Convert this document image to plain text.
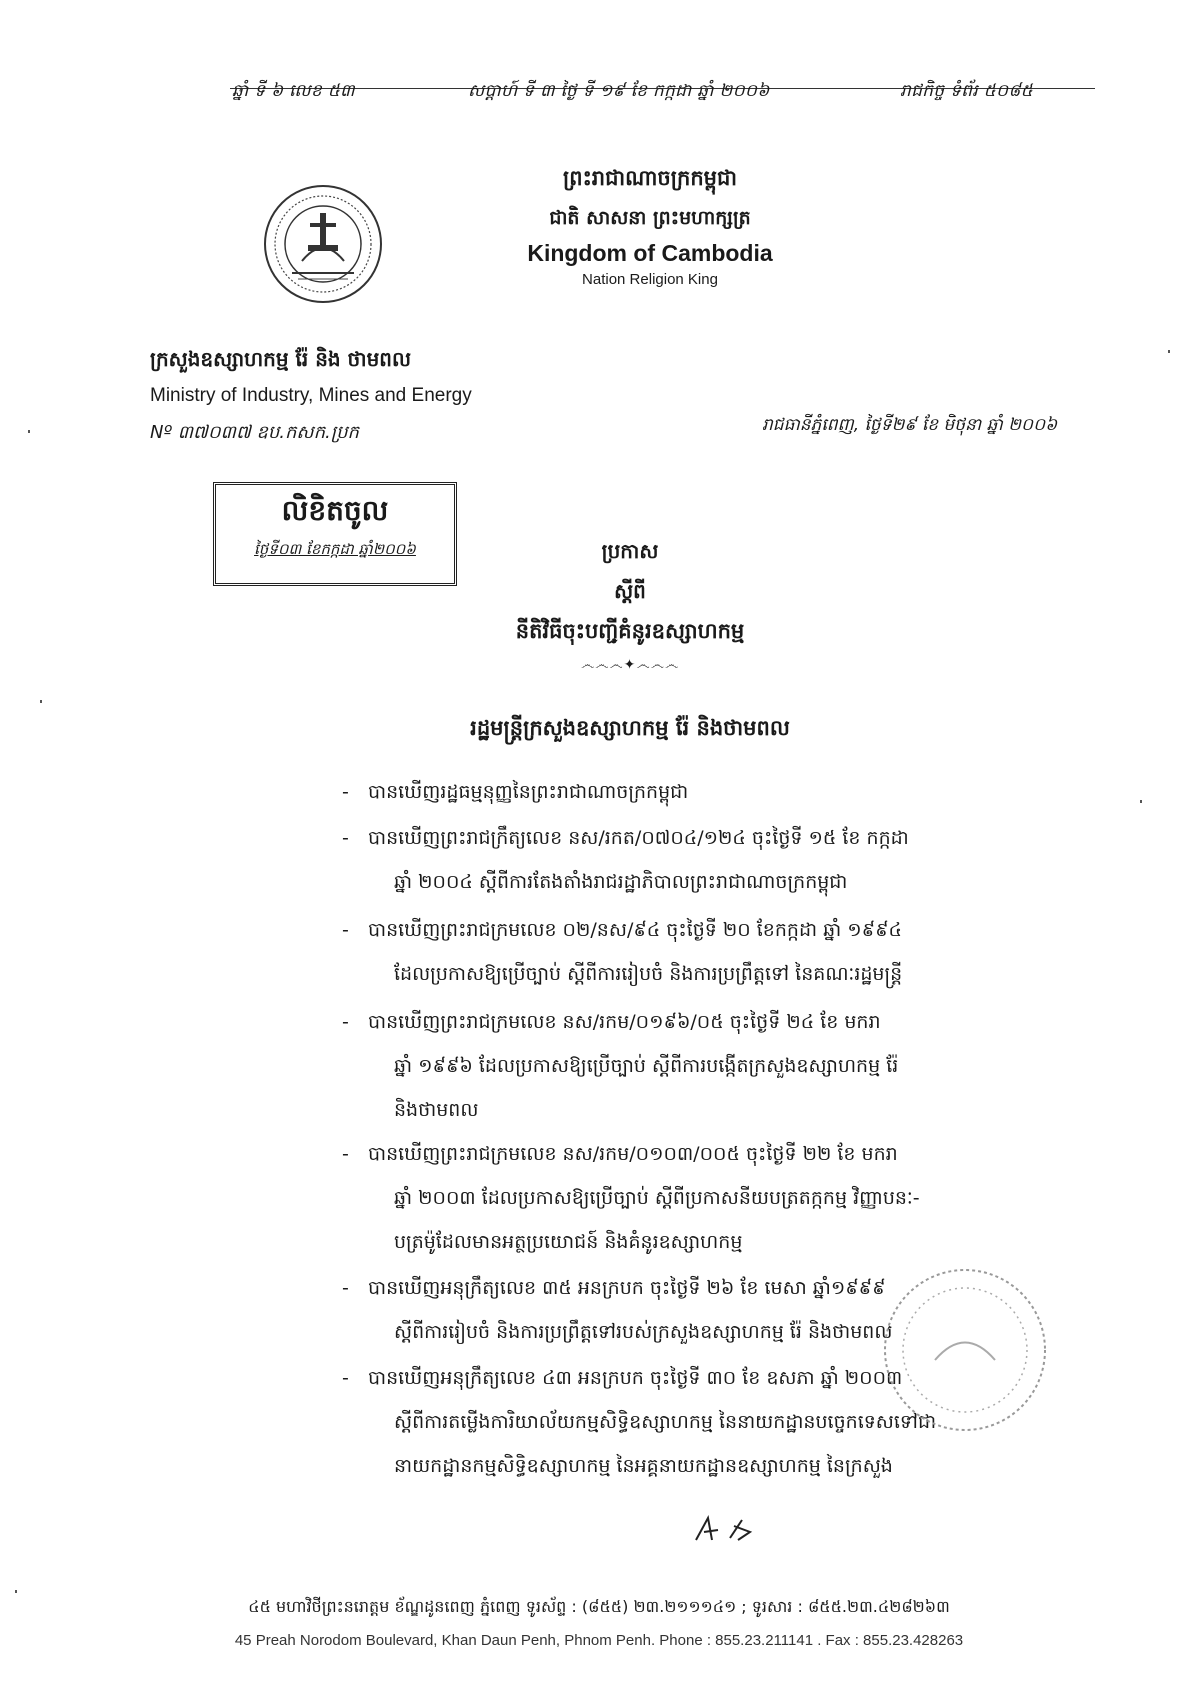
ឆ្នាំ ទី ៦ លេខ ៥៣	សប្តាហ៍ ទី ៣ ថ្ងៃ ទី ១៩ ខែ កក្កដា ឆ្នាំ ២០០៦	រាជកិច្ច ទំព័រ ៥០៨៥
ព្រះរាជាណាចក្រកម្ពុជា
ជាតិ សាសនា ព្រះមហាក្សត្រ
Kingdom of Cambodia
Nation Religion King
ក្រសួងឧស្សាហកម្ម រ៉ែ និង ថាមពល
Ministry of Industry, Mines and Energy
Nº ៣៧០៣៧ ឧប.កសក.ប្រក	រាជធានីភ្នំពេញ, ថ្ងៃទី២៩ ខែ មិថុនា ឆ្នាំ ២០០៦
លិខិតចូល
ថ្ងៃទី០៣ ខែកក្កដា ឆ្នាំ២០០៦	ប្រកាស
ស្តីពី
នីតិវិធីចុះបញ្ជីគំនូរឧស្សាហកម្ម
෴෴෴✦෴෴෴
រដ្ឋមន្ត្រីក្រសួងឧស្សាហកម្ម រ៉ែ និងថាមពល
- បានឃើញរដ្ឋធម្មនុញ្ញនៃព្រះរាជាណាចក្រកម្ពុជា
- បានឃើញព្រះរាជក្រឹត្យលេខ នស/រកត/០៧០៤/១២៤ ចុះថ្ងៃទី ១៥ ខែ កក្កដា
ឆ្នាំ ២០០៤ ស្តីពីការតែងតាំងរាជរដ្ឋាភិបាលព្រះរាជាណាចក្រកម្ពុជា
- បានឃើញព្រះរាជក្រមលេខ ០២/នស/៩៤ ចុះថ្ងៃទី ២០ ខែកក្កដា ឆ្នាំ ១៩៩៤
ដែលប្រកាសឱ្យប្រើច្បាប់ ស្តីពីការរៀបចំ និងការប្រព្រឹត្តទៅ នៃគណៈរដ្ឋមន្ត្រី
- បានឃើញព្រះរាជក្រមលេខ នស/រកម/០១៩៦/០៥ ចុះថ្ងៃទី ២៤ ខែ មករា
ឆ្នាំ ១៩៩៦ ដែលប្រកាសឱ្យប្រើច្បាប់ ស្តីពីការបង្កើតក្រសួងឧស្សាហកម្ម រ៉ែ
និងថាមពល
- បានឃើញព្រះរាជក្រមលេខ នស/រកម/០១០៣/០០៥ ចុះថ្ងៃទី ២២ ខែ មករា
ឆ្នាំ ២០០៣ ដែលប្រកាសឱ្យប្រើច្បាប់ ស្តីពីប្រកាសនីយបត្រតក្កកម្ម វិញ្ញាបនៈ-
បត្រម៉ូដែលមានអត្ថប្រយោជន៍ និងគំនូរឧស្សាហកម្ម
- បានឃើញអនុក្រឹត្យលេខ ៣៥ អនក្របក ចុះថ្ងៃទី ២៦ ខែ មេសា ឆ្នាំ១៩៩៩
ស្តីពីការរៀបចំ និងការប្រព្រឹត្តទៅរបស់ក្រសួងឧស្សាហកម្ម រ៉ែ និងថាមពល
- បានឃើញអនុក្រឹត្យលេខ ៤៣ អនក្របក ចុះថ្ងៃទី ៣០ ខែ ឧសភា ឆ្នាំ ២០០៣
ស្តីពីការតម្លើងការិយាល័យកម្មសិទ្ធិឧស្សាហកម្ម នៃនាយកដ្ឋានបច្ចេកទេសទៅជា
នាយកដ្ឋានកម្មសិទ្ធិឧស្សាហកម្ម នៃអគ្គនាយកដ្ឋានឧស្សាហកម្ម នៃក្រសួង
៤៥ មហាវិថីព្រះនរោត្តម ខ័ណ្ឌដូនពេញ ភ្នំពេញ ទូរស័ព្ទ : (៨៥៥) ២៣.២១១១៤១ ; ទូរសារ : ៨៥៥.២៣.៤២៨២៦៣
45 Preah Norodom Boulevard, Khan Daun Penh, Phnom Penh. Phone : 855.23.211141 . Fax : 855.23.428263
